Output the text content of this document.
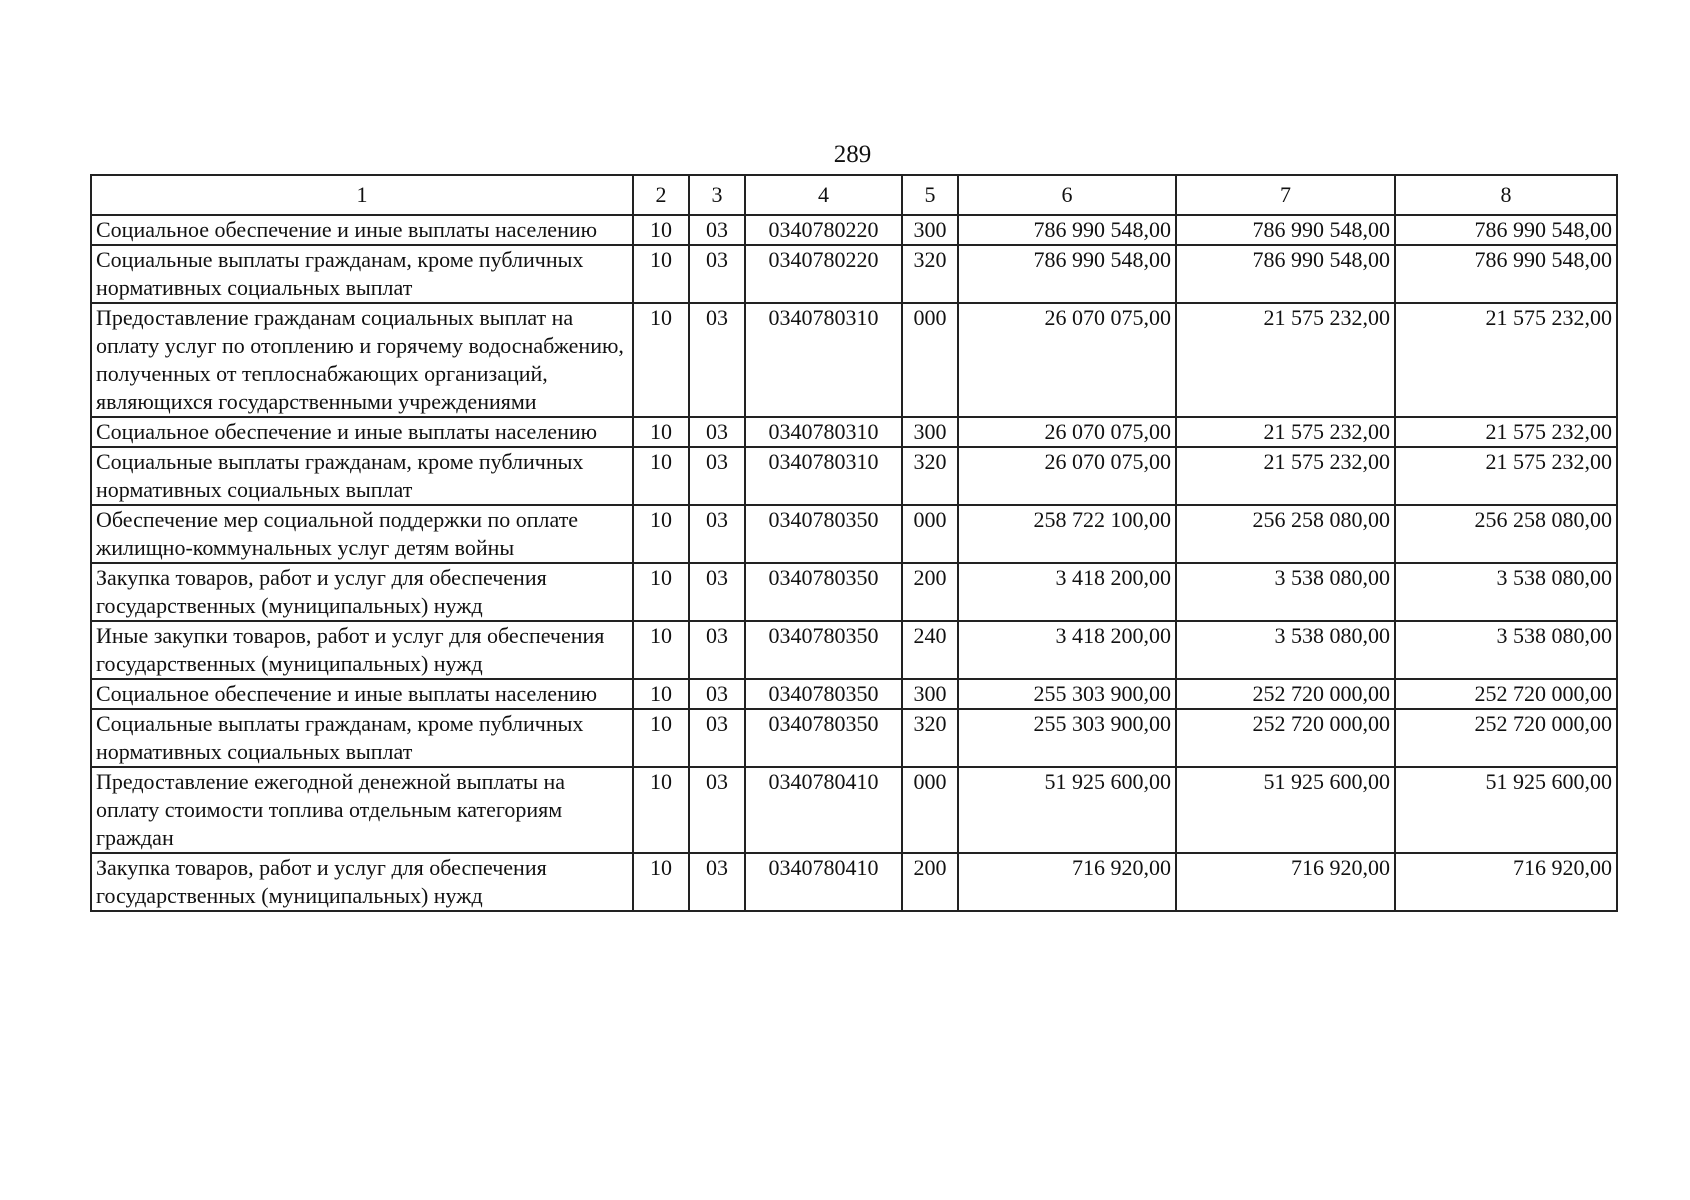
289
1	2	3	4	5	6	7	8
Социальное обеспечение и иные выплаты населению	10	03	0340780220	300	786 990 548,00	786 990 548,00	786 990 548,00
Социальные выплаты гражданам, кроме публичных нормативных социальных выплат	10	03	0340780220	320	786 990 548,00	786 990 548,00	786 990 548,00
Предоставление гражданам социальных выплат на оплату услуг по отоплению и горячему водоснабжению, полученных от теплоснабжающих организаций, являющихся государственными учреждениями	10	03	0340780310	000	26 070 075,00	21 575 232,00	21 575 232,00
Социальное обеспечение и иные выплаты населению	10	03	0340780310	300	26 070 075,00	21 575 232,00	21 575 232,00
Социальные выплаты гражданам, кроме публичных нормативных социальных выплат	10	03	0340780310	320	26 070 075,00	21 575 232,00	21 575 232,00
Обеспечение мер социальной поддержки по оплате жилищно-коммунальных услуг детям войны	10	03	0340780350	000	258 722 100,00	256 258 080,00	256 258 080,00
Закупка товаров, работ и услуг для обеспечения государственных (муниципальных) нужд	10	03	0340780350	200	3 418 200,00	3 538 080,00	3 538 080,00
Иные закупки товаров, работ и услуг для обеспечения государственных (муниципальных) нужд	10	03	0340780350	240	3 418 200,00	3 538 080,00	3 538 080,00
Социальное обеспечение и иные выплаты населению	10	03	0340780350	300	255 303 900,00	252 720 000,00	252 720 000,00
Социальные выплаты гражданам, кроме публичных нормативных социальных выплат	10	03	0340780350	320	255 303 900,00	252 720 000,00	252 720 000,00
Предоставление ежегодной денежной выплаты на оплату стоимости топлива отдельным категориям граждан	10	03	0340780410	000	51 925 600,00	51 925 600,00	51 925 600,00
Закупка товаров, работ и услуг для обеспечения государственных (муниципальных) нужд	10	03	0340780410	200	716 920,00	716 920,00	716 920,00
